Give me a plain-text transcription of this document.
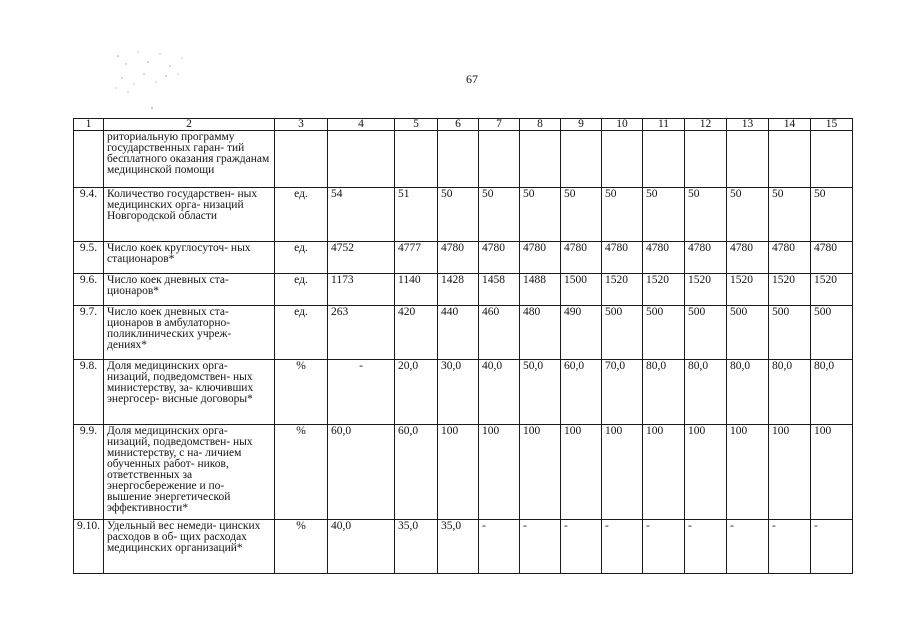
67
1	2	3	4	5	6	7	8	9	10	11	12	13	14	15
	риториальную программу государственных гаран- тий бесплатного оказания гражданам медицинской помощи													
9.4.	Количество государствен- ных медицинских орга- низаций Новгородской области	ед.	54	51	50	50	50	50	50	50	50	50	50	50
9.5.	Число коек круглосуточ- ных стационаров*	ед.	4752	4777	4780	4780	4780	4780	4780	4780	4780	4780	4780	4780
9.6.	Число коек дневных ста- ционаров*	ед.	1173	1140	1428	1458	1488	1500	1520	1520	1520	1520	1520	1520
9.7.	Число коек дневных ста- ционаров в амбулаторно- поликлинических учреж- дениях*	ед.	263	420	440	460	480	490	500	500	500	500	500	500
9.8.	Доля медицинских орга- низаций, подведомствен- ных министерству, за- ключивших энергосер- висные договоры*	%	-	20,0	30,0	40,0	50,0	60,0	70,0	80,0	80,0	80,0	80,0	80,0
9.9.	Доля медицинских орга- низаций, подведомствен- ных министерству, с на- личием обученных работ- ников, ответственных за энергосбережение и по- вышение энергетической эффективности*	%	60,0	60,0	100	100	100	100	100	100	100	100	100	100
9.10.	Удельный вес немеди- цинских расходов в об- щих расходах медицинских организаций*	%	40,0	35,0	35,0	-	-	-	-	-	-	-	-	-
